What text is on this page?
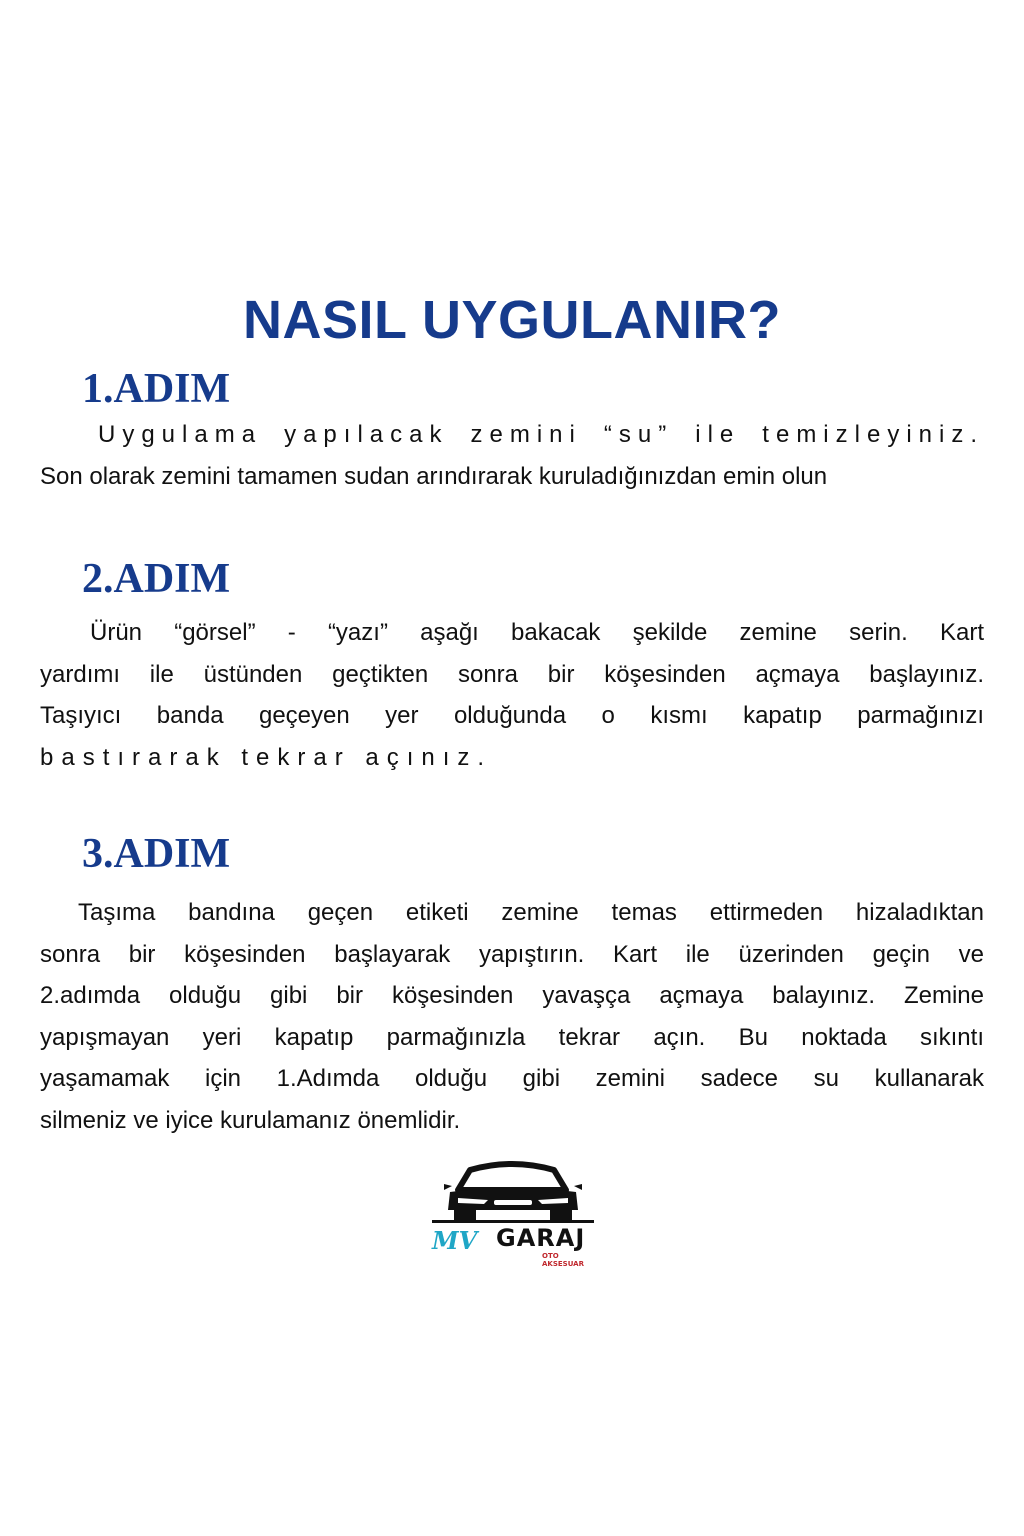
NASIL UYGULANIR?
1.ADIM
Uygulama yapılacak zemini “su” ile temizleyiniz.
Son olarak zemini tamamen sudan arındırarak kuruladığınızdan emin olun
2.ADIM
Ürün “görsel” - “yazı” aşağı bakacak şekilde zemine serin. Kart
yardımı ile üstünden geçtikten sonra bir köşesinden açmaya başlayınız.
Taşıyıcı banda geçeyen yer olduğunda o kısmı kapatıp parmağınızı
bastırarak tekrar açınız.
3.ADIM
Taşıma bandına geçen etiketi zemine temas ettirmeden hizaladıktan
sonra bir köşesinden başlayarak yapıştırın. Kart ile üzerinden geçin ve
2.adımda olduğu gibi bir köşesinden yavaşça açmaya balayınız. Zemine
yapışmayan yeri kapatıp parmağınızla tekrar açın. Bu noktada sıkıntı
yaşamamak için 1.Adımda olduğu gibi zemini sadece su kullanarak
silmeniz ve iyice kurulamanız önemlidir.
MV GARAJ
OTO AKSESUAR
